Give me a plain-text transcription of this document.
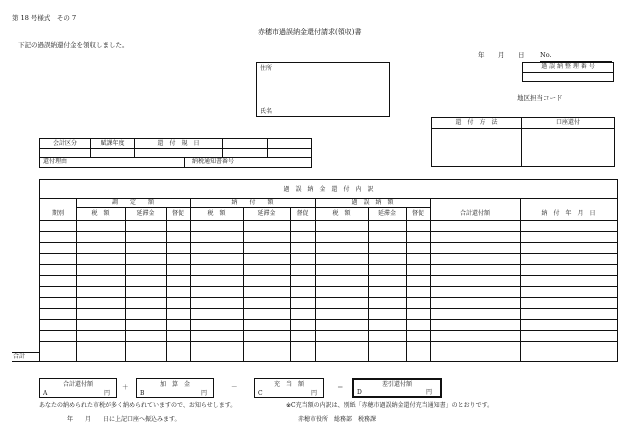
第 18 号様式　その 7
赤穂市過誤納金還付請求(領収)書
下記の過誤納還付金を領収しました。
年 月 日 No.
住所
氏名
過 誤 納 整 理 番 号
地区担当コード
還　付　方　法	口座還付
会計区分	賦課年度	還　付　規　日
還付理由	納税通知書番号
過　誤　納　金　還　付　内　訳
期別
調　　定　　額	納　　付　　額	過　誤　納　額
税　額	延滞金	督促	税　額	延滞金	督促	税　額	延滞金	督促	合計還付額	納　付　年　月　日
合計
合計還付額
A	円
＋	加　算　金
B	円
－	充　当　額
C	円
＝	差引還付額
D	円
あなたの納められた市税が多く納められていますので、お知らせします。	※C充当額の内訳は、別紙「赤穂市過誤納金還付充当通知書」のとおりです。
年　　月　　日に上記口座へ振込みます。	赤穂市役所　総務部　税務課
